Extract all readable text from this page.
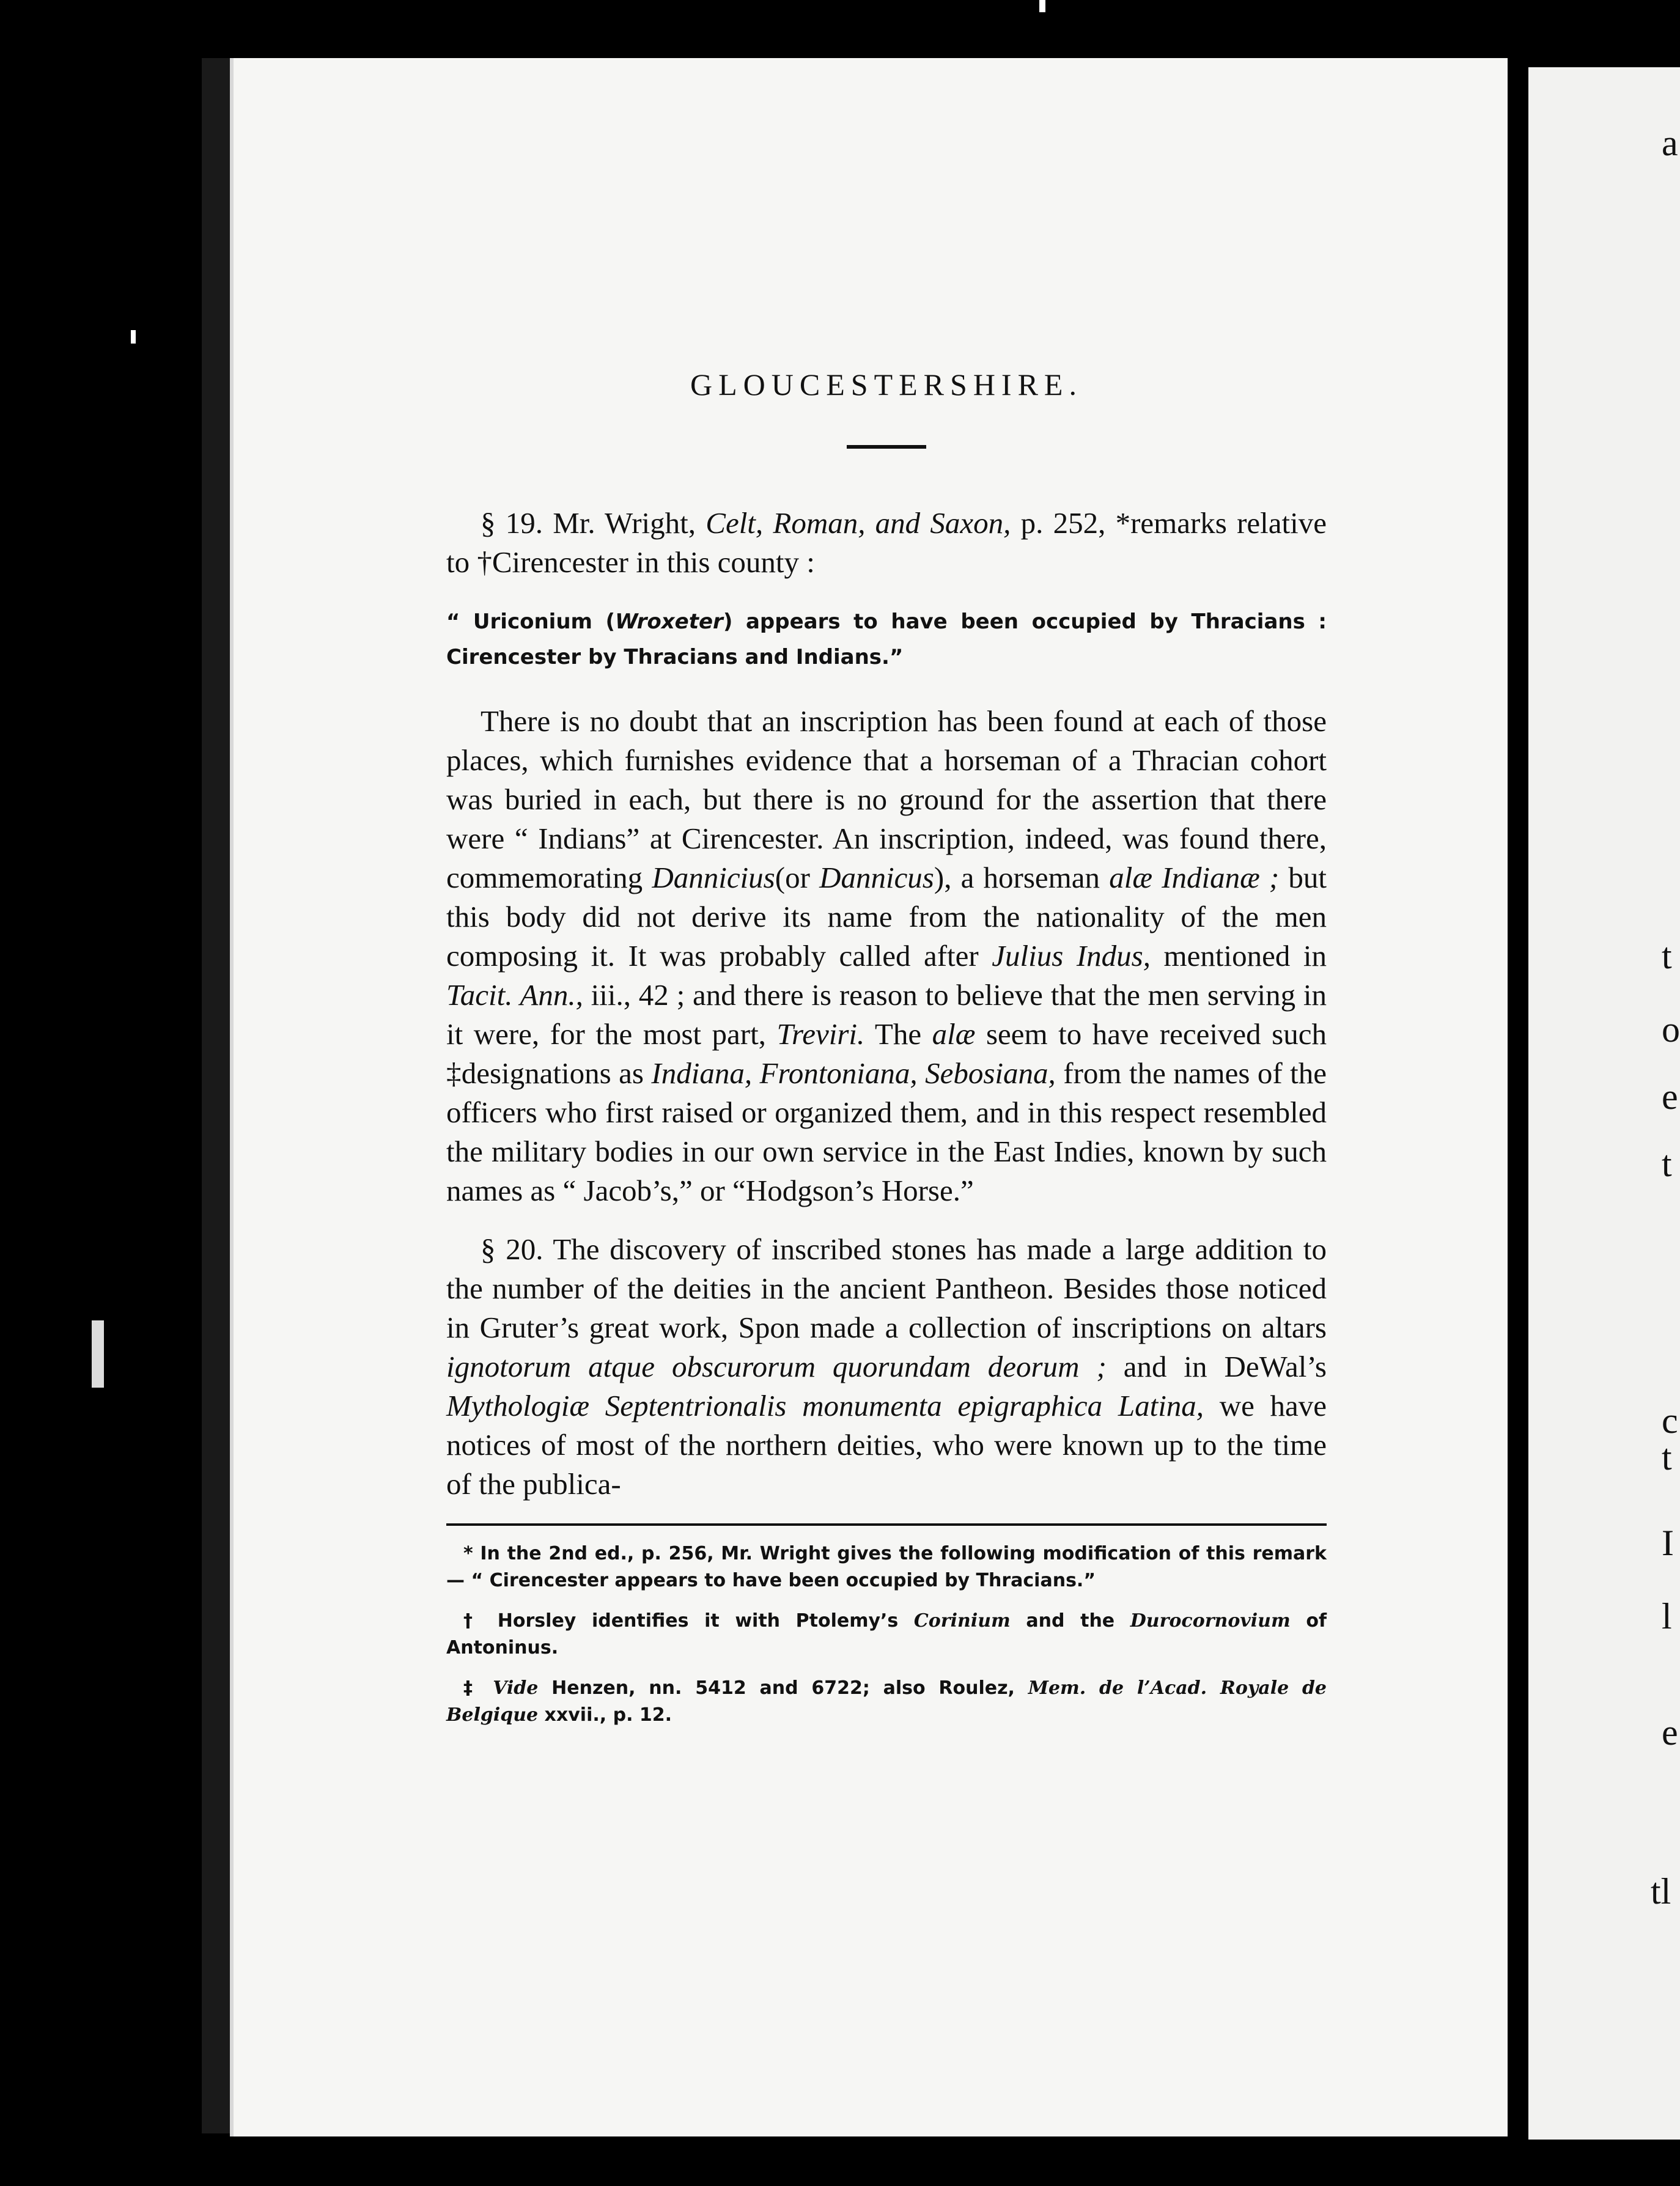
a
t
o
e
t
c
t
I
l
e
tl
GLOUCESTERSHIRE.

§ 19. Mr. Wright, Celt, Roman, and Saxon, p. 252, *remarks relative to †Cirencester in this county :

“ Uriconium (Wroxeter) appears to have been occupied by Thracians : Cirencester by Thracians and Indians.”

There is no doubt that an inscription has been found at each of those places, which furnishes evidence that a horseman of a Thracian cohort was buried in each, but there is no ground for the assertion that there were “ Indians” at Cirencester. An inscription, indeed, was found there, commemorating Dannicius(or Dannicus), a horseman alæ Indianæ ; but this body did not derive its name from the nationality of the men composing it. It was probably called after Julius Indus, mentioned in Tacit. Ann., iii., 42 ; and there is reason to believe that the men serving in it were, for the most part, Treviri. The alæ seem to have received such ‡designations as Indiana, Frontoniana, Sebosiana, from the names of the officers who first raised or organized them, and in this respect resembled the military bodies in our own service in the East Indies, known by such names as “ Jacob’s,” or “Hodgson’s Horse.”

§ 20. The discovery of inscribed stones has made a large addition to the number of the deities in the ancient Pantheon. Besides those noticed in Gruter’s great work, Spon made a collection of inscriptions on altars ignotorum atque obscurorum quorundam deorum ; and in DeWal’s Mythologiæ Septentrionalis monumenta epigraphica Latina, we have notices of most of the northern deities, who were known up to the time of the publica-

* In the 2nd ed., p. 256, Mr. Wright gives the following modification of this remark— “ Cirencester appears to have been occupied by Thracians.”

† Horsley identifies it with Ptolemy’s Corinium and the Durocornovium of Antoninus.

‡ Vide Henzen, nn. 5412 and 6722; also Roulez, Mem. de l’Acad. Royale de Belgique xxvii., p. 12.
